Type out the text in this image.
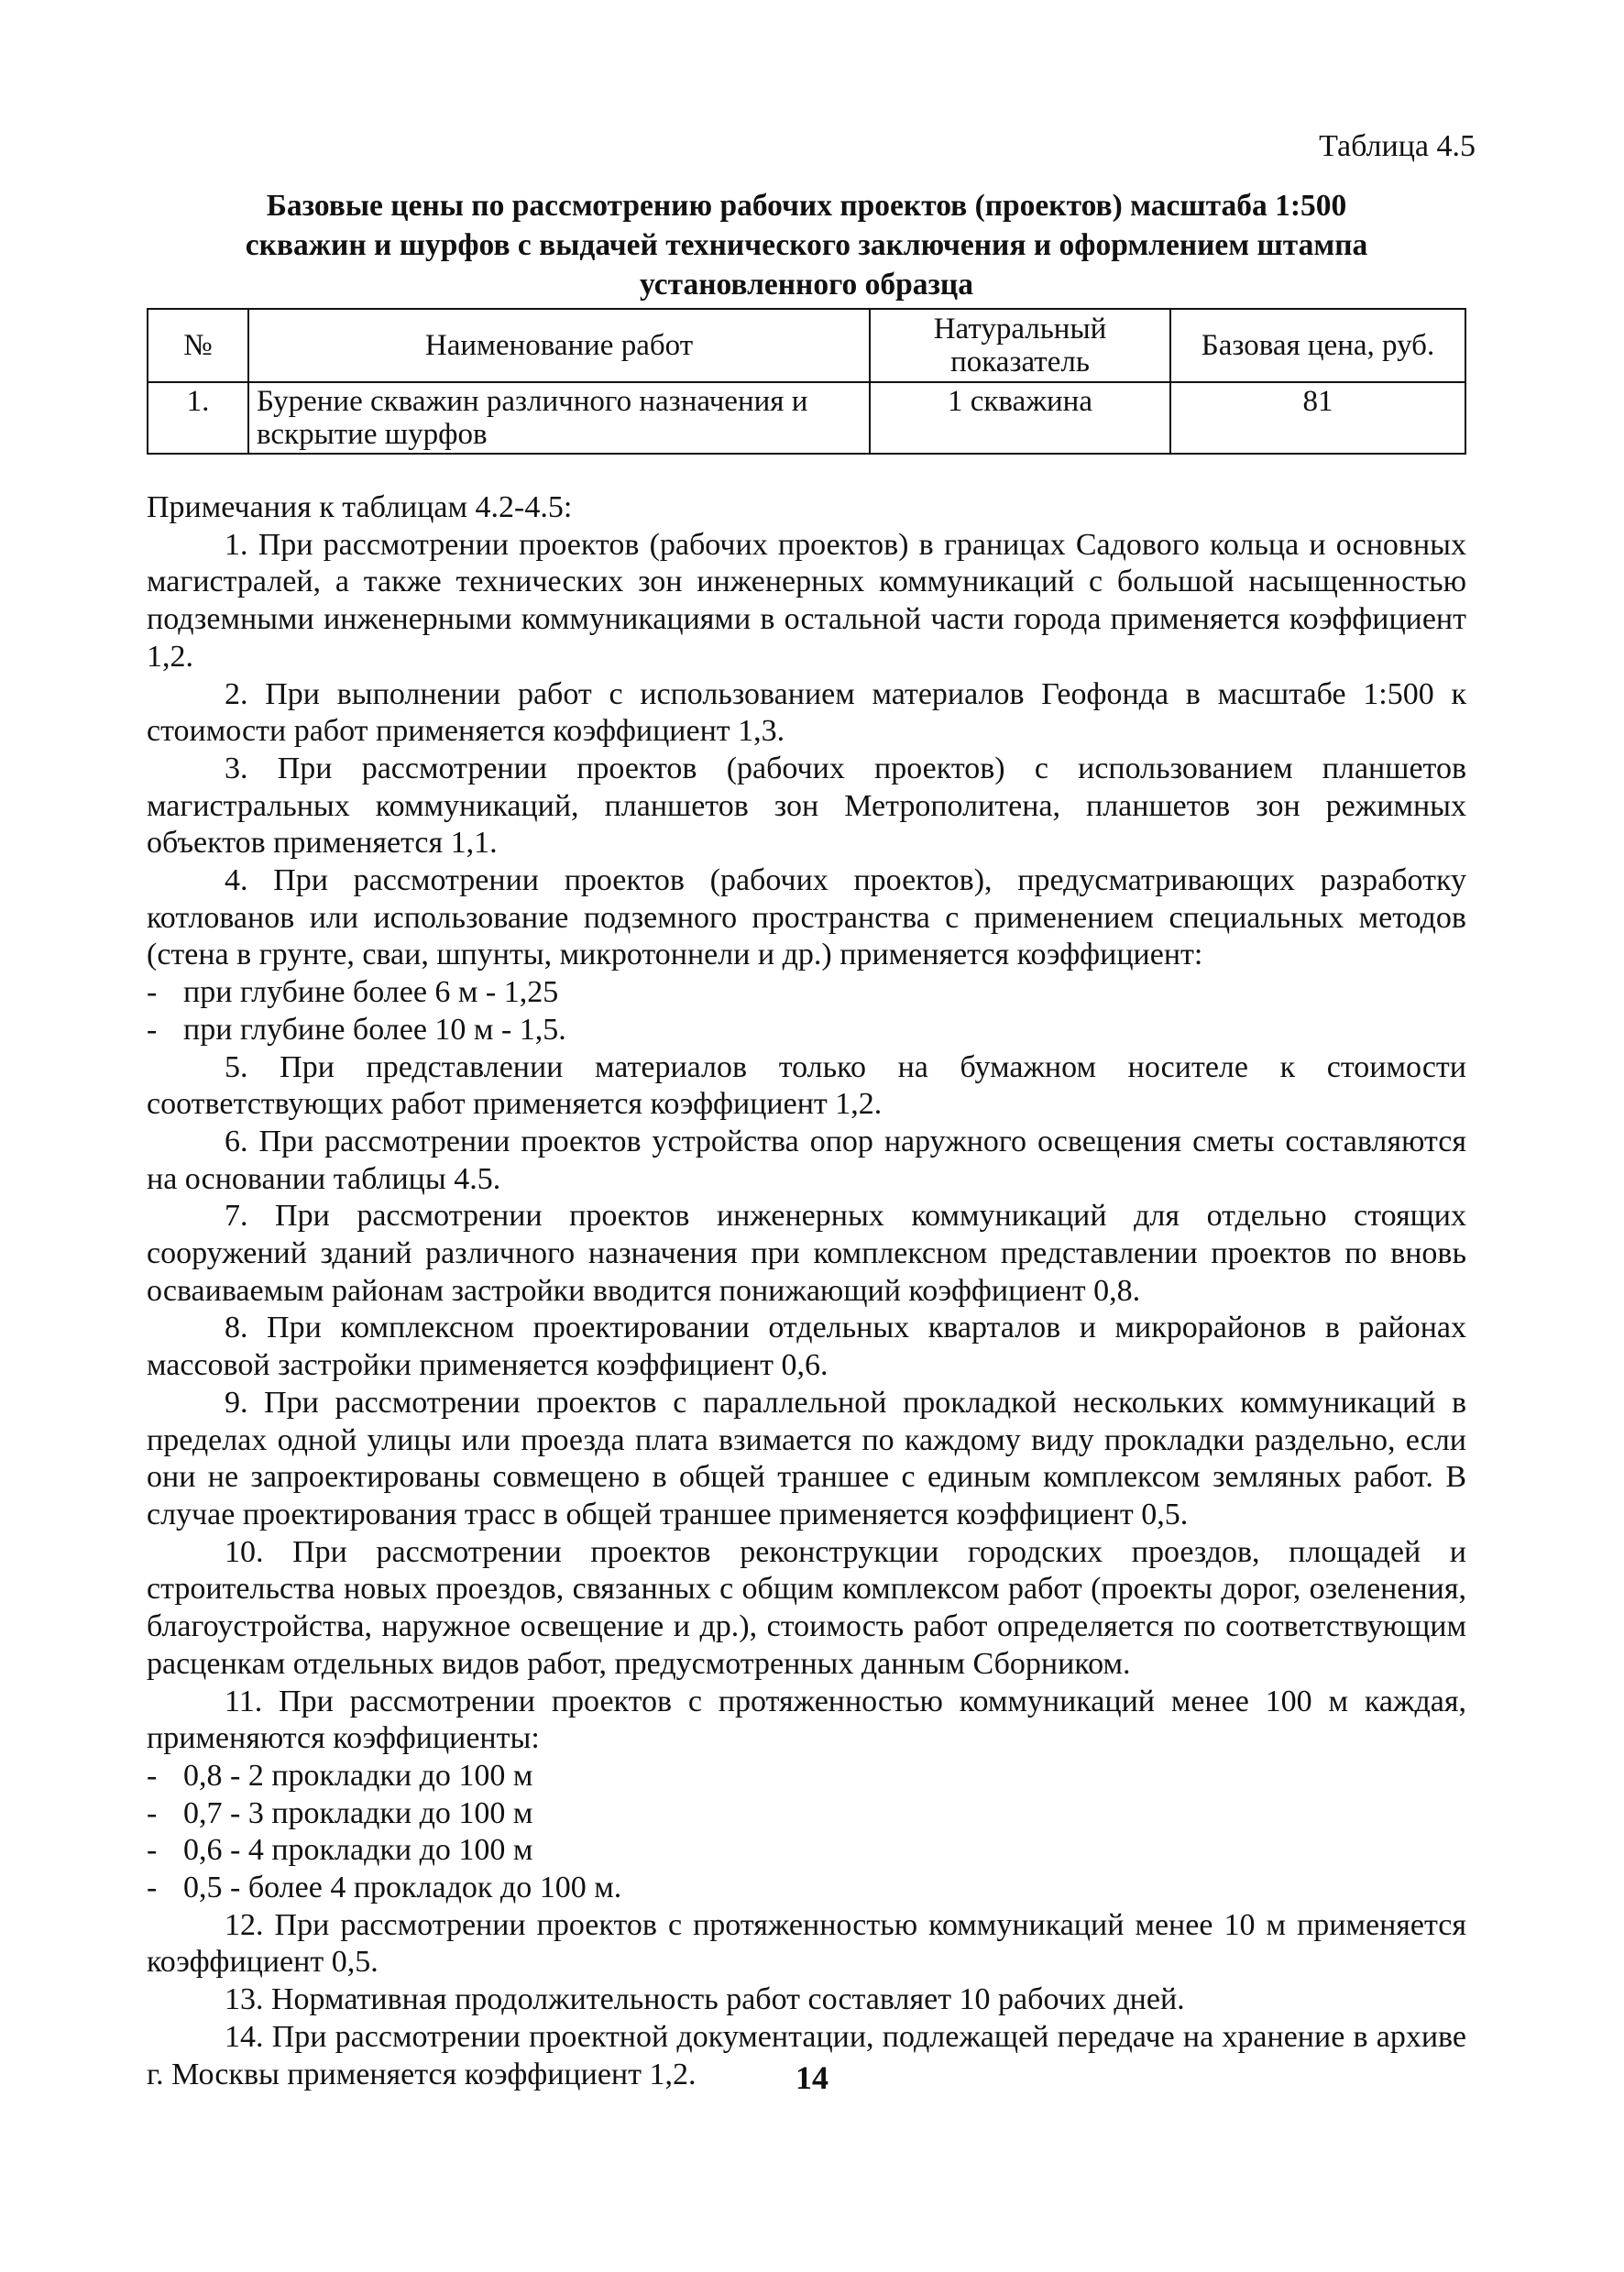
Таблица 4.5
Базовые цены по рассмотрению рабочих проектов (проектов) масштаба 1:500
скважин и шурфов с выдачей технического заключения и оформлением штампа
установленного образца
№	Наименование работ	Натуральный показатель	Базовая цена, руб.
1.	Бурение скважин различного назначения и вскрытие шурфов	1 скважина	81

Примечания к таблицам 4.2-4.5:

1. При рассмотрении проектов (рабочих проектов) в границах Садового кольца и основных магистралей, а также технических зон инженерных коммуникаций с большой насыщенностью подземными инженерными коммуникациями в остальной части города применяется коэффициент 1,2.

2. При выполнении работ с использованием материалов Геофонда в масштабе 1:500 к стоимости работ применяется коэффициент 1,3.

3. При рассмотрении проектов (рабочих проектов) с использованием планшетов магистральных коммуникаций, планшетов зон Метрополитена, планшетов зон режимных объектов применяется 1,1.

4. При рассмотрении проектов (рабочих проектов), предусматривающих разработку котлованов или использование подземного пространства с применением специальных методов (стена в грунте, сваи, шпунты, микротоннели и др.) применяется коэффициент:

- при глубине более 6 м - 1,25

- при глубине более 10 м - 1,5.

5. При представлении материалов только на бумажном носителе к стоимости соответствующих работ применяется коэффициент 1,2.

6. При рассмотрении проектов устройства опор наружного освещения сметы составляются на основании таблицы 4.5.

7. При рассмотрении проектов инженерных коммуникаций для отдельно стоящих сооружений зданий различного назначения при комплексном представлении проектов по вновь осваиваемым районам застройки вводится понижающий коэффициент 0,8.

8. При комплексном проектировании отдельных кварталов и микрорайонов в районах массовой застройки применяется коэффициент 0,6.

9. При рассмотрении проектов с параллельной прокладкой нескольких коммуникаций в пределах одной улицы или проезда плата взимается по каждому виду прокладки раздельно, если они не запроектированы совмещено в общей траншее с единым комплексом земляных работ. В случае проектирования трасс в общей траншее применяется коэффициент 0,5.

10. При рассмотрении проектов реконструкции городских проездов, площадей и строительства новых проездов, связанных с общим комплексом работ (проекты дорог, озеленения, благоустройства, наружное освещение и др.), стоимость работ определяется по соответствующим расценкам отдельных видов работ, предусмотренных данным Сборником.

11. При рассмотрении проектов с протяженностью коммуникаций менее 100 м каждая, применяются коэффициенты:

- 0,8 - 2 прокладки до 100 м

- 0,7 - 3 прокладки до 100 м

- 0,6 - 4 прокладки до 100 м

- 0,5 - более 4 прокладок до 100 м.

12. При рассмотрении проектов с протяженностью коммуникаций менее 10 м применяется коэффициент 0,5.

13. Нормативная продолжительность работ составляет 10 рабочих дней.

14. При рассмотрении проектной документации, подлежащей передаче на хранение в архиве г. Москвы применяется коэффициент 1,2.	14
